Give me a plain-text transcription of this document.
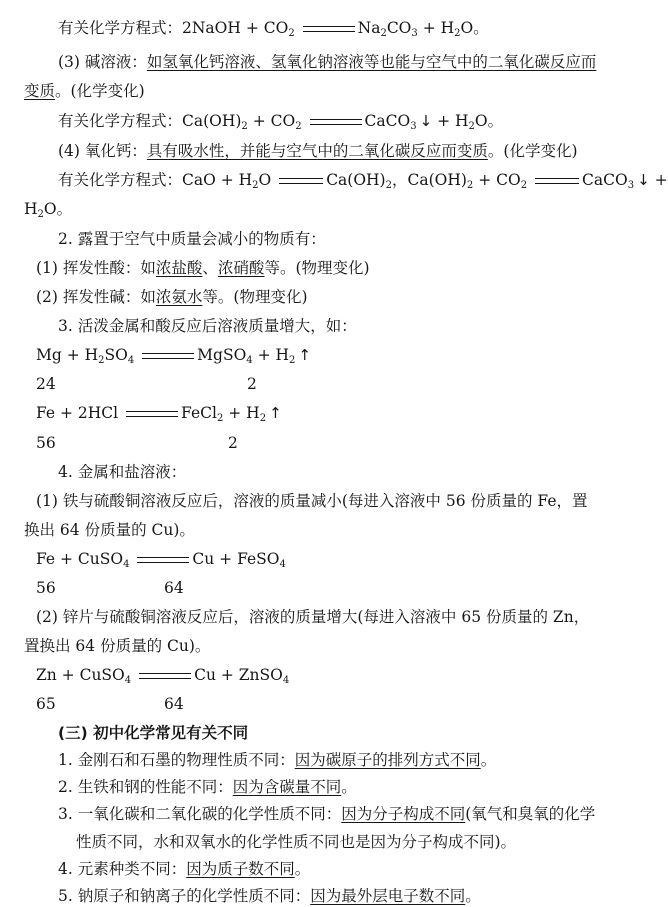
有关化学方程式：2NaOH + $CO_2$	$Na_2CO_3 + H_2O$。
(3) 碱溶液：如氢氧化钙溶液、氢氧化钠溶液等也能与空气中的二氧化碳反应而
变质。(化学变化)
有关化学方程式：$Ca(OH)_2 + CO_2$	CaCO$_3$ ↓ + $H_2O$。
(4) 氧化钙：具有吸水性，并能与空气中的二氧化碳反应而变质。(化学变化)
有关化学方程式：CaO + $H_2O$	$Ca(OH)_2$，$Ca(OH)_2 + CO_2$	CaCO$_3$ ↓ +
$H_2O$。
2. 露置于空气中质量会减小的物质有：
(1) 挥发性酸：如浓盐酸、浓硝酸等。(物理变化)
(2) 挥发性碱：如浓氨水等。(物理变化)
3. 活泼金属和酸反应后溶液质量增大，如：
$Mg + H_2SO_4$	MgSO$_4$ + $H_2$ ↑
24	2
Fe + 2HCl	FeCl$_2$ + $H_2$ ↑
56	2
4. 金属和盐溶液：
(1) 铁与硫酸铜溶液反应后，溶液的质量减小(每进入溶液中 56 份质量的 Fe，置
换出 64 份质量的 Cu)。
Fe + CuSO$_4$	Cu + FeSO$_4$
56	64
(2) 锌片与硫酸铜溶液反应后，溶液的质量增大(每进入溶液中 65 份质量的 Zn，
置换出 64 份质量的 Cu)。
Zn + CuSO$_4$	Cu + ZnSO$_4$
65	64
(三) 初中化学常见有关不同
1. 金刚石和石墨的物理性质不同：因为碳原子的排列方式不同。
2. 生铁和钢的性能不同：因为含碳量不同。
3. 一氧化碳和二氧化碳的化学性质不同：因为分子构成不同(氧气和臭氧的化学
性质不同，水和双氧水的化学性质不同也是因为分子构成不同)。
4. 元素种类不同：因为质子数不同。
5. 钠原子和钠离子的化学性质不同：因为最外层电子数不同。
